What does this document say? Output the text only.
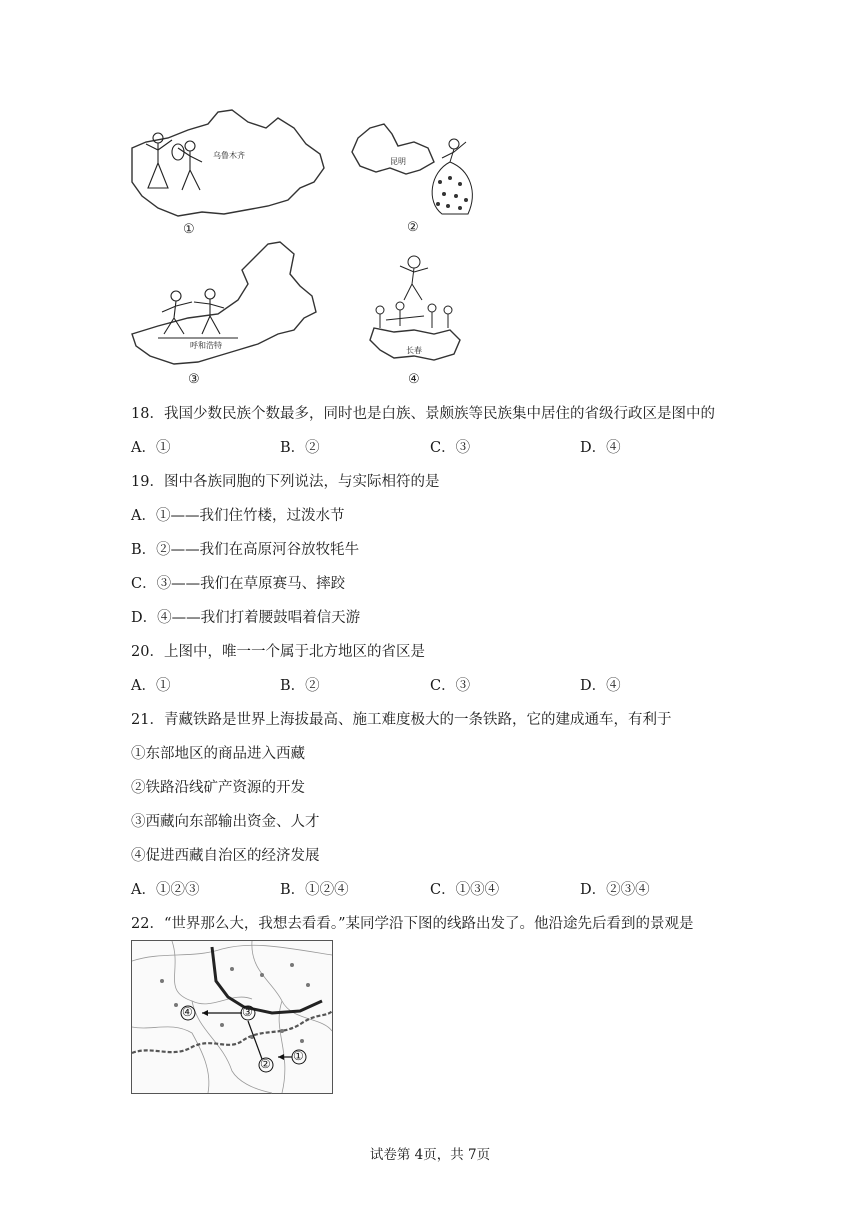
乌鲁木齐
①
昆明
②
呼和浩特
③
长春
④
18．我国少数民族个数最多，同时也是白族、景颇族等民族集中居住的省级行政区是图中的
A．①	B．②	C．③	D．④
19．图中各族同胞的下列说法，与实际相符的是
A．①——我们住竹楼，过泼水节
B．②——我们在高原河谷放牧牦牛
C．③——我们在草原赛马、摔跤
D．④——我们打着腰鼓唱着信天游
20．上图中，唯一一个属于北方地区的省区是
A．①	B．②	C．③	D．④
21．青藏铁路是世界上海拔最高、施工难度极大的一条铁路，它的建成通车，有利于
①东部地区的商品进入西藏
②铁路沿线矿产资源的开发
③西藏向东部输出资金、人才
④促进西藏自治区的经济发展
A．①②③	B．①②④	C．①③④	D．②③④
22．“世界那么大，我想去看看。”某同学沿下图的线路出发了。他沿途先后看到的景观是
④	③
②
①
试卷第 4页，共 7页
